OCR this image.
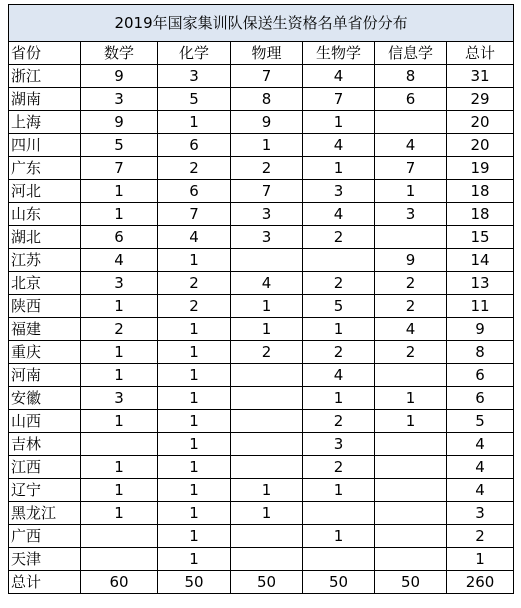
2019年国家集训队保送生资格名单省份分布						
省份	数学	化学	物理	生物学	信息学	总计
浙江	9	3	7	4	8	31
湖南	3	5	8	7	6	29
上海	9	1	9	1		20
四川	5	6	1	4	4	20
广东	7	2	2	1	7	19
河北	1	6	7	3	1	18
山东	1	7	3	4	3	18
湖北	6	4	3	2		15
江苏	4	1			9	14
北京	3	2	4	2	2	13
陕西	1	2	1	5	2	11
福建	2	1	1	1	4	9
重庆	1	1	2	2	2	8
河南	1	1		4		6
安徽	3	1		1	1	6
山西	1	1		2	1	5
吉林		1		3		4
江西	1	1		2		4
辽宁	1	1	1	1		4
黑龙江	1	1	1			3
广西		1		1		2
天津		1				1
总计	60	50	50	50	50	260
